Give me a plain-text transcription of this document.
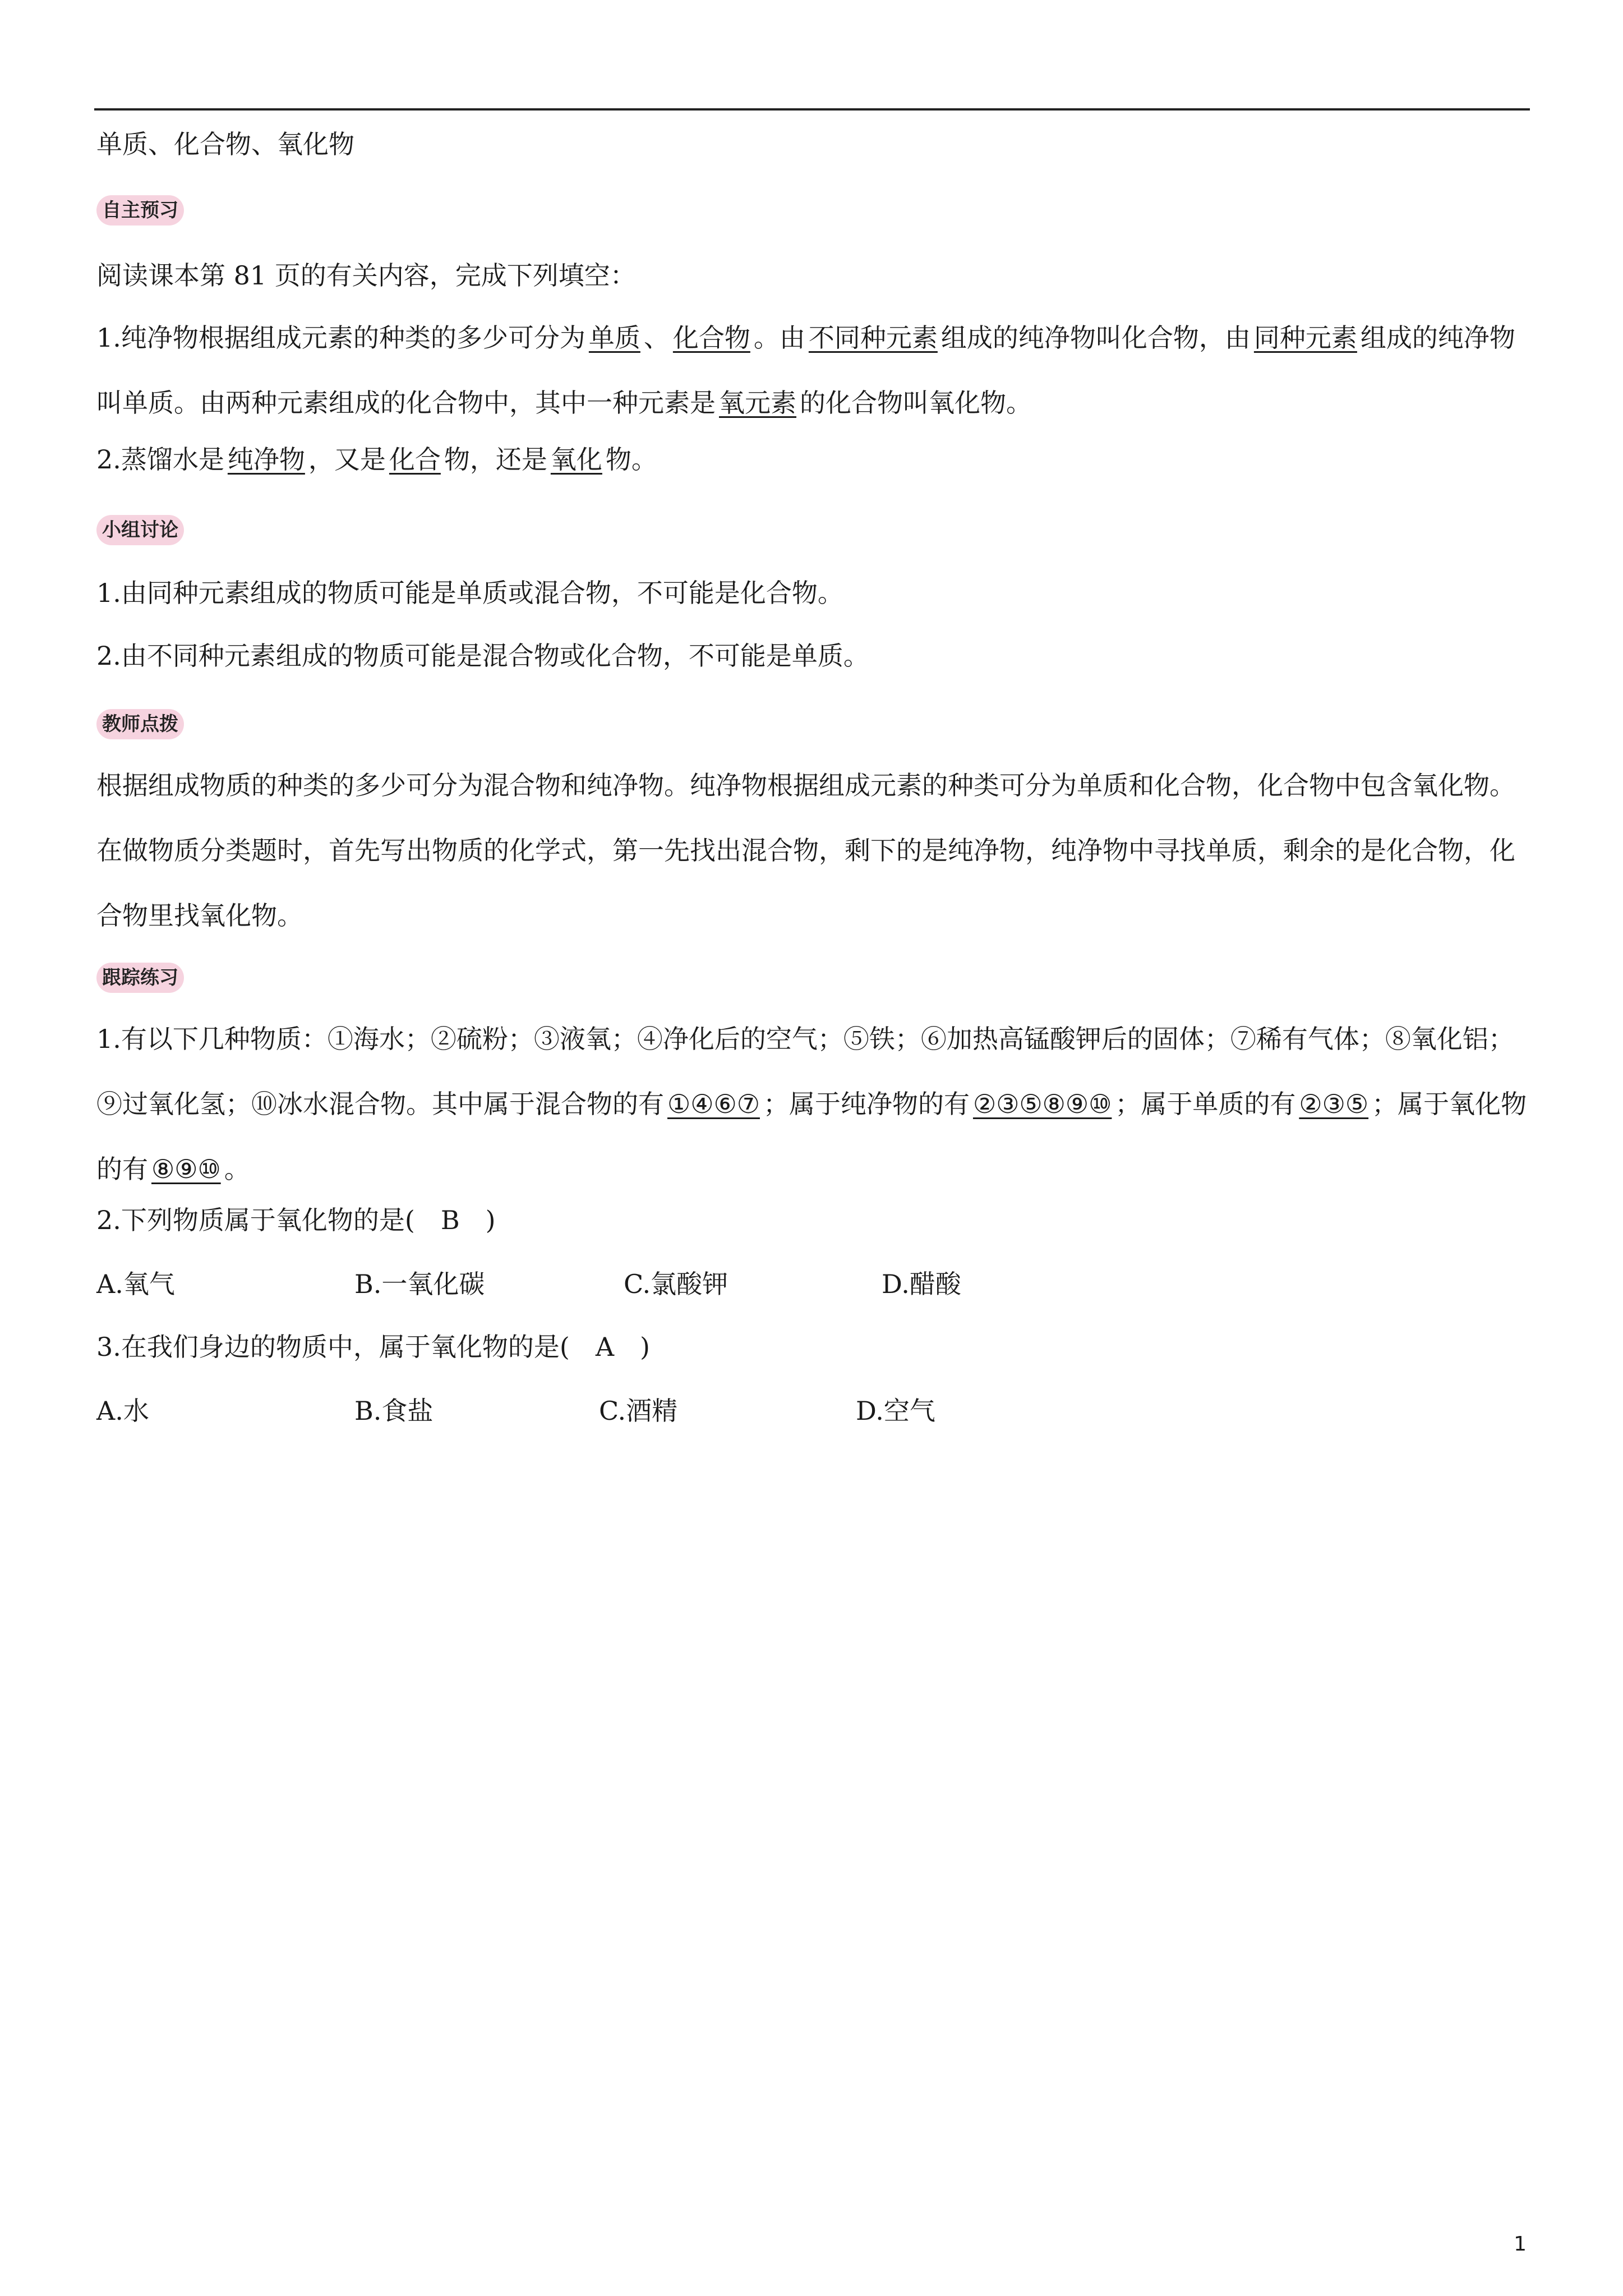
单质、化合物、氧化物
自主预习
阅读课本第 81 页的有关内容，完成下列填空：
1.纯净物根据组成元素的种类的多少可分为 单质 、 化合物 。由 不同种元素 组成的纯净物叫化合物，由 同种元素 组成的纯净物叫单质。由两种元素组成的化合物中，其中一种元素是 氧元素 的化合物叫氧化物。
2.蒸馏水是 纯净物 ，又是 化合 物，还是 氧化 物。
小组讨论
1.由同种元素组成的物质可能是单质或混合物，不可能是化合物。
2.由不同种元素组成的物质可能是混合物或化合物，不可能是单质。
教师点拨
根据组成物质的种类的多少可分为混合物和纯净物。纯净物根据组成元素的种类可分为单质和化合物，化合物中包含氧化物。在做物质分类题时，首先写出物质的化学式，第一先找出混合物，剩下的是纯净物，纯净物中寻找单质，剩余的是化合物，化合物里找氧化物。
跟踪练习
1.有以下几种物质：①海水；②硫粉；③液氧；④净化后的空气；⑤铁；⑥加热高锰酸钾后的固体；⑦稀有气体；⑧氧化铝；⑨过氧化氢；⑩冰水混合物。其中属于混合物的有 ①④⑥⑦ ；属于纯净物的有 ②③⑤⑧⑨⑩ ；属于单质的有 ②③⑤ ；属于氧化物的有 ⑧⑨⑩ 。
2.下列物质属于氧化物的是(　B　)
A.氧气	B.一氧化碳	C.氯酸钾	D.醋酸
3.在我们身边的物质中，属于氧化物的是(　A　)
A.水	B.食盐	C.酒精	D.空气
1
